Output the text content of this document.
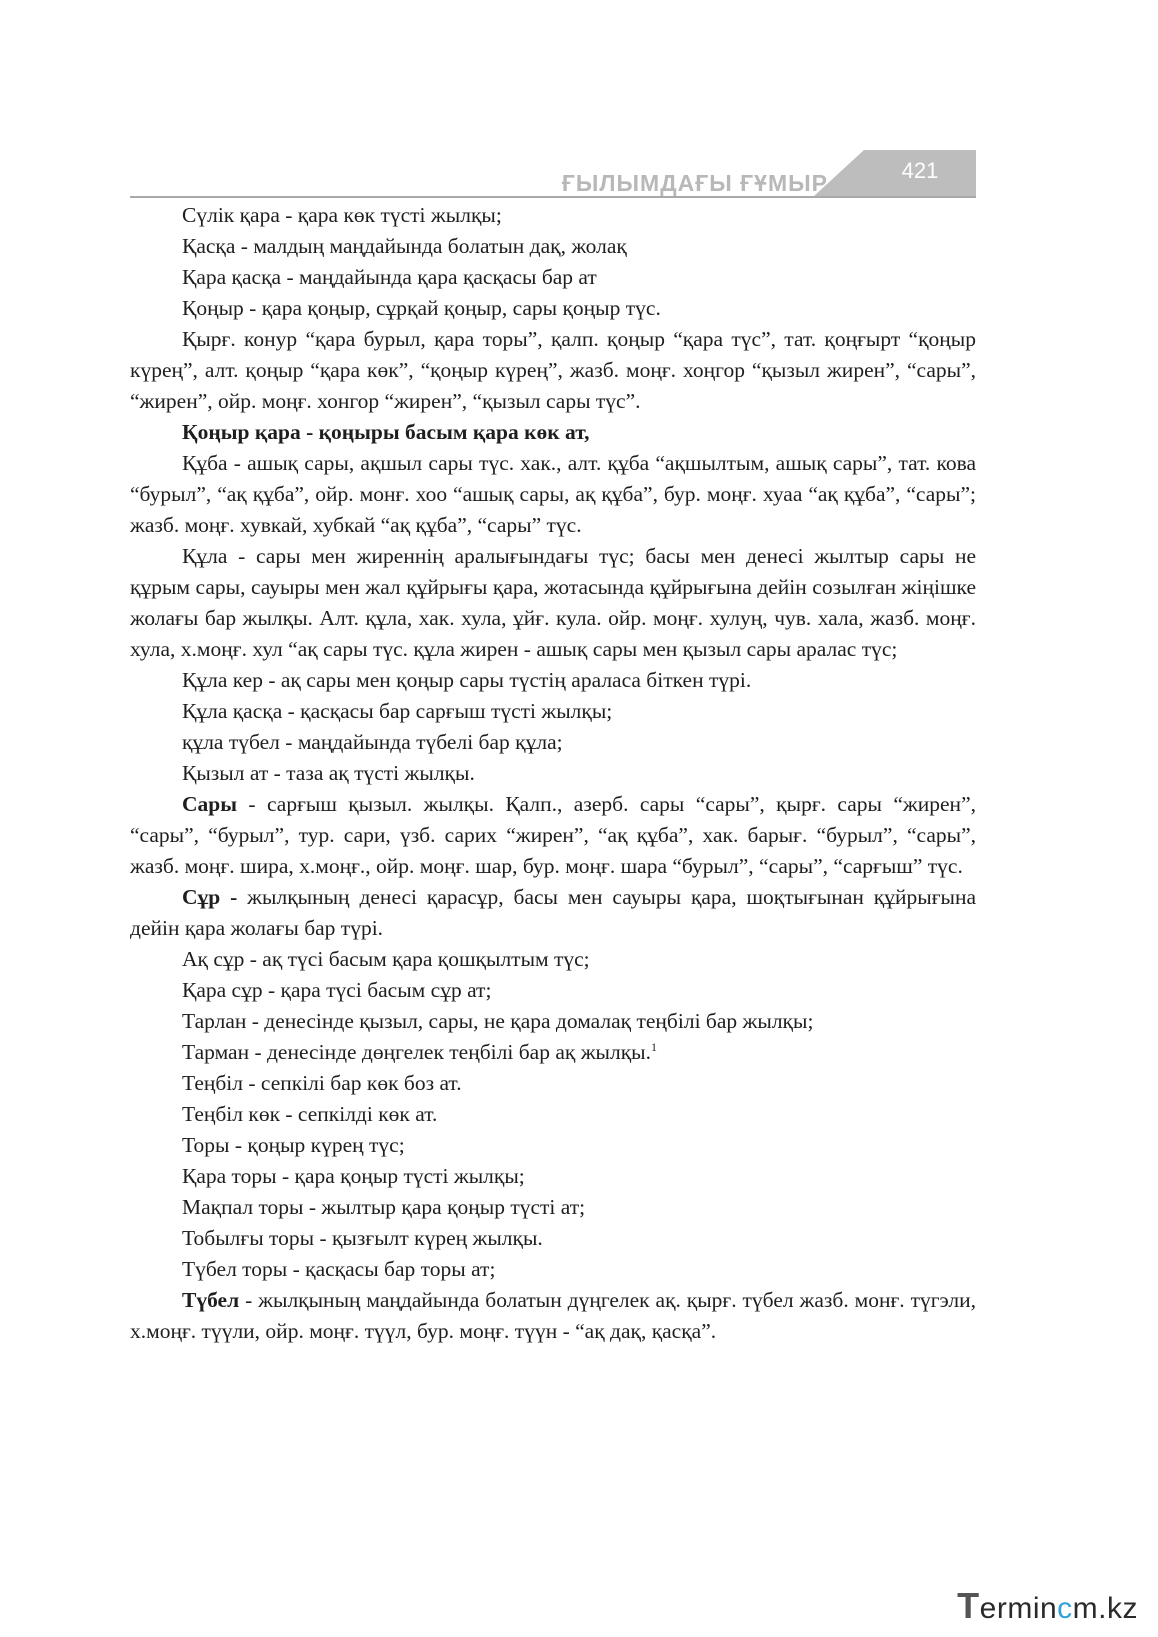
ҒЫЛЫМДАҒЫ ҒҰМЫР	421

Сүлік қара - қара көк түсті жылқы;

Қасқа - малдың маңдайында болатын дақ, жолақ

Қара қасқа - маңдайында қара қасқасы бар ат

Қоңыр - қара қоңыр, сұрқай қоңыр, сары қоңыр түс.

Қырғ. конур “қара бурыл, қара торы”, қалп. қоңыр “қара түс”, тат. қоңғырт “қоңыр күрең”, алт. қоңыр “қара көк”, “қоңыр күрең”, жазб. моңғ. хоңгор “қызыл жирен”, “сары”, “жирен”, ойр. моңғ. хонгор “жирен”, “қызыл сары түс”.

Қоңыр қара - қоңыры басым қара көк ат,

Құба - ашық сары, ақшыл сары түс. хак., алт. құба “ақшылтым, ашық сары”, тат. кова “бурыл”, “ақ құба”, ойр. монғ. хоо “ашық сары, ақ құба”, бур. моңғ. хуаа “ақ құба”, “сары”; жазб. моңғ. хувкай, хубкай “ақ құба”, “сары” түс.

Құла - сары мен жиреннің аралығындағы түс; басы мен денесі жылтыр сары не құрым сары, сауыры мен жал құйрығы қара, жотасында құйрығына дейін созылған жіңішке жолағы бар жылқы. Алт. құла, хак. хула, ұйғ. кула. ойр. моңғ. хулуң, чув. хала, жазб. моңғ. хула, х.моңғ. хул “ақ сары түс. құла жирен - ашық сары мен қызыл сары аралас түс;

Құла кер - ақ сары мен қоңыр сары түстің араласа біткен түрі.

Құла қасқа - қасқасы бар сарғыш түсті жылқы;

құла түбел - маңдайында түбелі бар құла;

Қызыл ат - таза ақ түсті жылқы.

Сары - сарғыш қызыл. жылқы. Қалп., азерб. сары “сары”, қырғ. сары “жирен”, “сары”, “бурыл”, тур. сари, үзб. сарих “жирен”, “ақ құба”, хак. барығ. “бурыл”, “сары”, жазб. моңғ. шира, х.моңғ., ойр. моңғ. шар, бур. моңғ. шара “бурыл”, “сары”, “сарғыш” түс.

Сұр - жылқының денесі қарасұр, басы мен сауыры қара, шоқтығынан құйрығына дейін қара жолағы бар түрі.

Ақ сұр - ақ түсі басым қара қошқылтым түс;

Қара сұр - қара түсі басым сұр ат;

Тарлан - денесінде қызыл, сары, не қара домалақ теңбілі бар жылқы;

Тарман - денесінде дөңгелек теңбілі бар ақ жылқы.$^1$

Теңбіл - сепкілі бар көк боз ат.

Теңбіл көк - сепкілді көк ат.

Торы - қоңыр күрең түс;

Қара торы - қара қоңыр түсті жылқы;

Мақпал торы - жылтыр қара қоңыр түсті ат;

Тобылғы торы - қызғылт күрең жылқы.

Түбел торы - қасқасы бар торы ат;

Түбел - жылқының маңдайында болатын дүңгелек ақ. қырғ. түбел жазб. монғ. түгэли, х.моңғ. түүли, ойр. моңғ. түүл, бур. моңғ. түүн - “ақ дақ, қасқа”.

Termincm.kz
